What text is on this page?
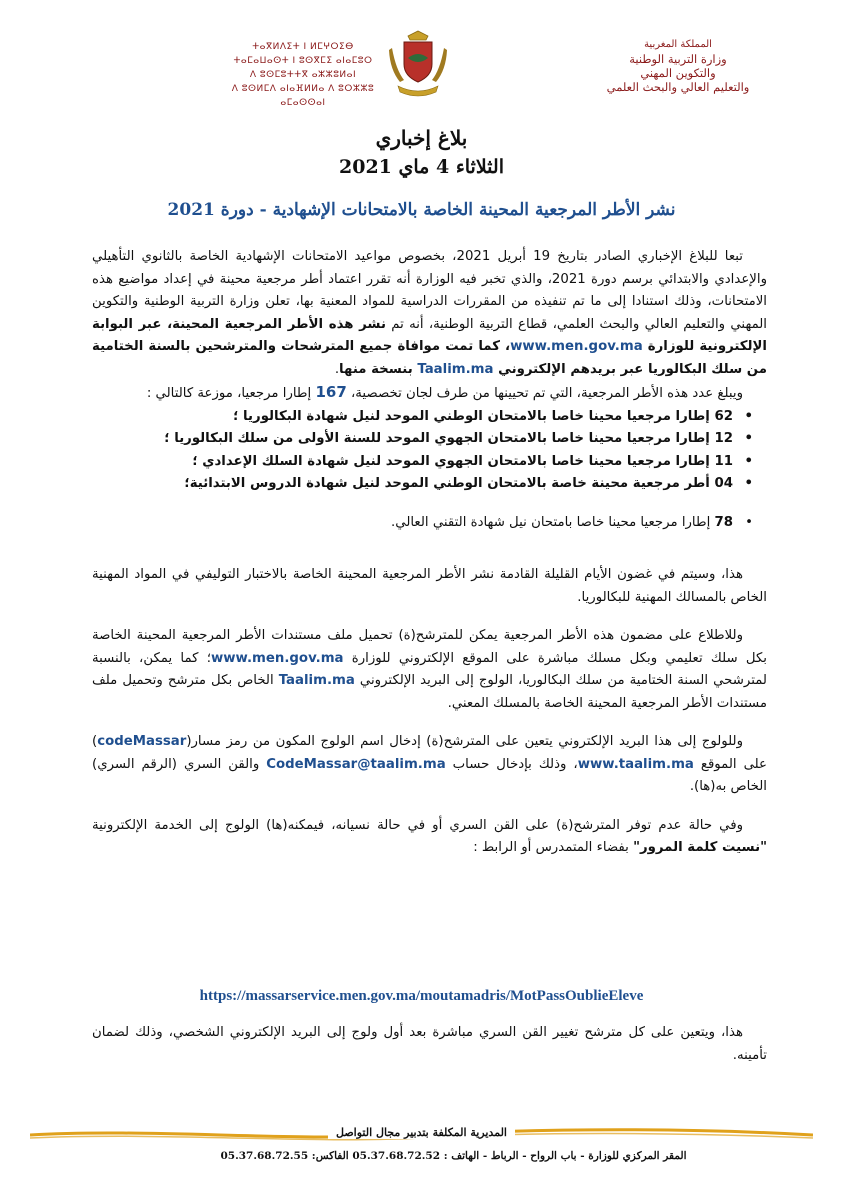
المملكة المغربية
وزارة التربية الوطنية
والتكوين المهني
والتعليم العالي والبحث العلمي
ⵜⴰⴳⵍⴷⵉⵜ ⵏ ⵍⵎⵖⵔⵉⴱ
ⵜⴰⵎⴰⵡⴰⵙⵜ ⵏ ⵓⵙⴳⵎⵉ ⴰⵏⴰⵎⵓⵔ
ⴷ ⵓⵙⵎⵓⵜⵜⴳ ⴰⵣⵣⵓⵍⴰⵏ
ⴷ ⵓⵙⵍⵎⴷ ⴰⵏⴰⴼⵍⵍⴰ ⴷ ⵓⵔⵣⵣⵓ ⴰⵎⴰⵙⵙⴰⵏ
بلاغ إخباري
الثلاثاء 4 ماي 2021
نشر الأطر المرجعية المحينة الخاصة بالامتحانات الإشهادية - دورة 2021

تبعا للبلاغ الإخباري الصادر بتاريخ 19 أبريل 2021، بخصوص مواعيد الامتحانات الإشهادية الخاصة بالثانوي التأهيلي والإعدادي والابتدائي برسم دورة 2021، والذي تخبر فيه الوزارة أنه تقرر اعتماد أطر مرجعية محينة في إعداد مواضيع هذه الامتحانات، وذلك استنادا إلى ما تم تنفيذه من المقررات الدراسية للمواد المعنية بها، تعلن وزارة التربية الوطنية والتكوين المهني والتعليم العالي والبحث العلمي، قطاع التربية الوطنية، أنه تم نشر هذه الأطر المرجعية المحينة، عبر البوابة الإلكترونية للوزارة www.men.gov.ma، كما تمت موافاة جميع المترشحات والمترشحين بالسنة الختامية من سلك البكالوريا عبر بريدهم الإلكتروني Taalim.ma بنسخة منها.

ويبلغ عدد هذه الأطر المرجعية، التي تم تحيينها من طرف لجان تخصصية، 167 إطارا مرجعيا، موزعة كالتالي :

• 62 إطارا مرجعيا محينا خاصا بالامتحان الوطني الموحد لنيل شهادة البكالوريا ؛
• 12 إطارا مرجعيا محينا خاصا بالامتحان الجهوي الموحد للسنة الأولى من سلك البكالوريا ؛
• 11 إطارا مرجعيا محينا خاصا بالامتحان الجهوي الموحد لنيل شهادة السلك الإعدادي ؛
• 04 أطر مرجعية محينة خاصة بالامتحان الوطني الموحد لنيل شهادة الدروس الابتدائية؛
• 78 إطارا مرجعيا محينا خاصا بامتحان نيل شهادة التقني العالي.

هذا، وسيتم في غضون الأيام القليلة القادمة نشر الأطر المرجعية المحينة الخاصة بالاختبار التوليفي في المواد المهنية الخاص بالمسالك المهنية للبكالوريا.

وللاطلاع على مضمون هذه الأطر المرجعية يمكن للمترشح(ة) تحميل ملف مستندات الأطر المرجعية المحينة الخاصة بكل سلك تعليمي وبكل مسلك مباشرة على الموقع الإلكتروني للوزارة www.men.gov.ma؛ كما يمكن، بالنسبة لمترشحي السنة الختامية من سلك البكالوريا، الولوج إلى البريد الإلكتروني Taalim.ma الخاص بكل مترشح وتحميل ملف مستندات الأطر المرجعية المحينة الخاصة بالمسلك المعني.

وللولوج إلى هذا البريد الإلكتروني يتعين على المترشح(ة) إدخال اسم الولوج المكون من رمز مسار(codeMassar) على الموقع www.taalim.ma، وذلك بإدخال حساب CodeMassar@taalim.ma والقن السري (الرقم السري) الخاص به(ها).

وفي حالة عدم توفر المترشح(ة) على القن السري أو في حالة نسيانه، فيمكنه(ها) الولوج إلى الخدمة الإلكترونية "نسيت كلمة المرور" بفضاء المتمدرس أو الرابط :

https://massarservice.men.gov.ma/moutamadris/MotPassOublieEleve

هذا، ويتعين على كل مترشح تغيير القن السري مباشرة بعد أول ولوج إلى البريد الإلكتروني الشخصي، وذلك لضمان تأمينه.

المديرية المكلفة بتدبير مجال التواصل
المقر المركزي للوزارة - باب الرواح - الرباط - الهاتف : 05.37.68.72.52 الفاكس: 05.37.68.72.55
